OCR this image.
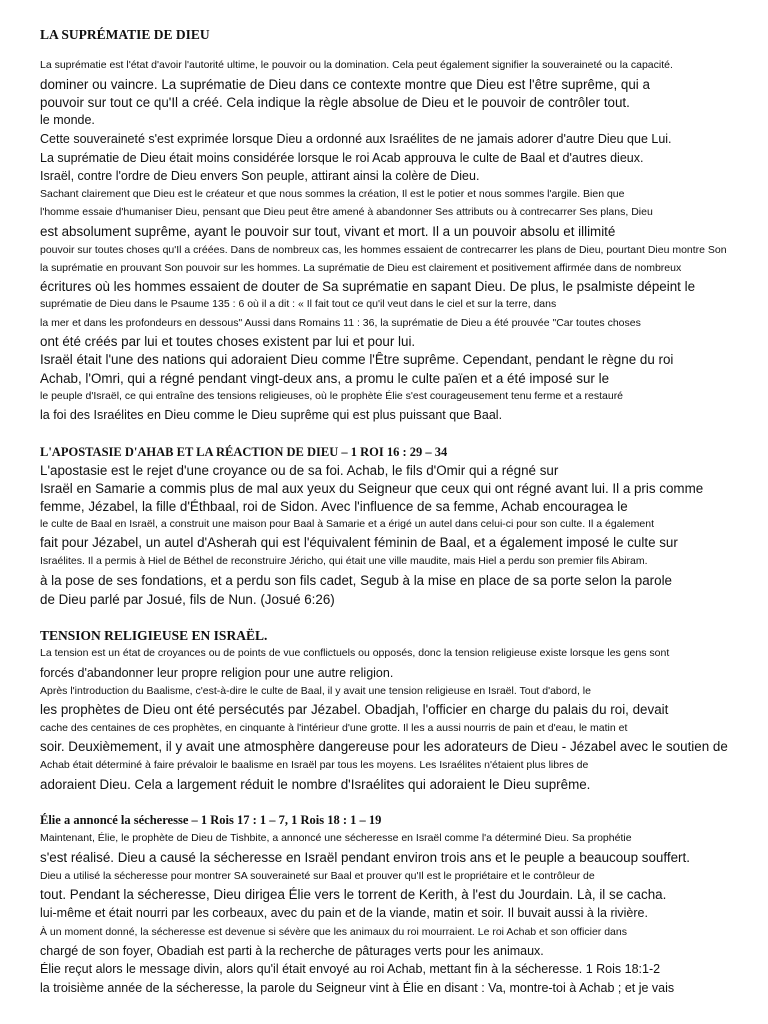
LA SUPRÉMATIE DE DIEU
La suprématie est l'état d'avoir l'autorité ultime, le pouvoir ou la domination. Cela peut également signifier la souveraineté ou la capacité.
dominer ou vaincre. La suprématie de Dieu dans ce contexte montre que Dieu est l'être suprême, qui a
pouvoir sur tout ce qu'Il a créé. Cela indique la règle absolue de Dieu et le pouvoir de contrôler tout.
le monde.
Cette souveraineté s'est exprimée lorsque Dieu a ordonné aux Israélites de ne jamais adorer d'autre Dieu que Lui.
La suprématie de Dieu était moins considérée lorsque le roi Acab approuva le culte de Baal et d'autres dieux.
Israël, contre l'ordre de Dieu envers Son peuple, attirant ainsi la colère de Dieu.
Sachant clairement que Dieu est le créateur et que nous sommes la création, Il est le potier et nous sommes l'argile. Bien que
l'homme essaie d'humaniser Dieu, pensant que Dieu peut être amené à abandonner Ses attributs ou à contrecarrer Ses plans, Dieu
est absolument suprême, ayant le pouvoir sur tout, vivant et mort. Il a un pouvoir absolu et illimité
pouvoir sur toutes choses qu'Il a créées. Dans de nombreux cas, les hommes essaient de contrecarrer les plans de Dieu, pourtant Dieu montre Son
la suprématie en prouvant Son pouvoir sur les hommes. La suprématie de Dieu est clairement et positivement affirmée dans de nombreux
écritures où les hommes essaient de douter de Sa suprématie en sapant Dieu. De plus, le psalmiste dépeint le
suprématie de Dieu dans le Psaume 135 : 6 où il a dit : « Il fait tout ce qu'il veut dans le ciel et sur la terre, dans
la mer et dans les profondeurs en dessous" Aussi dans Romains 11 : 36, la suprématie de Dieu a été prouvée "Car toutes choses
ont été créés par lui et toutes choses existent par lui et pour lui.
Israël était l'une des nations qui adoraient Dieu comme l'Être suprême. Cependant, pendant le règne du roi
Achab, l'Omri, qui a régné pendant vingt-deux ans, a promu le culte païen et a été imposé sur le
le peuple d'Israël, ce qui entraîne des tensions religieuses, où le prophète Élie s'est courageusement tenu ferme et a restauré
la foi des Israélites en Dieu comme le Dieu suprême qui est plus puissant que Baal.
L'APOSTASIE D'AHAB ET LA RÉACTION DE DIEU – 1 ROI 16 : 29 – 34
L'apostasie est le rejet d'une croyance ou de sa foi. Achab, le fils d'Omir qui a régné sur
Israël en Samarie a commis plus de mal aux yeux du Seigneur que ceux qui ont régné avant lui. Il a pris comme
femme, Jézabel, la fille d'Éthbaal, roi de Sidon. Avec l'influence de sa femme, Achab encouragea le
le culte de Baal en Israël, a construit une maison pour Baal à Samarie et a érigé un autel dans celui-ci pour son culte. Il a également
fait pour Jézabel, un autel d'Asherah qui est l'équivalent féminin de Baal, et a également imposé le culte sur
Israélites. Il a permis à Hiel de Béthel de reconstruire Jéricho, qui était une ville maudite, mais Hiel a perdu son premier fils Abiram.
à la pose de ses fondations, et a perdu son fils cadet, Segub à la mise en place de sa porte selon la parole
de Dieu parlé par Josué, fils de Nun. (Josué 6:26)
TENSION RELIGIEUSE EN ISRAËL.
La tension est un état de croyances ou de points de vue conflictuels ou opposés, donc la tension religieuse existe lorsque les gens sont
forcés d'abandonner leur propre religion pour une autre religion.
Après l'introduction du Baalisme, c'est-à-dire le culte de Baal, il y avait une tension religieuse en Israël. Tout d'abord, le
les prophètes de Dieu ont été persécutés par Jézabel. Obadjah, l'officier en charge du palais du roi, devait
cache des centaines de ces prophètes, en cinquante à l'intérieur d'une grotte. Il les a aussi nourris de pain et d'eau, le matin et
soir. Deuxièmement, il y avait une atmosphère dangereuse pour les adorateurs de Dieu - Jézabel avec le soutien de
Achab était déterminé à faire prévaloir le baalisme en Israël par tous les moyens. Les Israélites n'étaient plus libres de
adoraient Dieu. Cela a largement réduit le nombre d'Israélites qui adoraient le Dieu suprême.
Élie a annoncé la sécheresse – 1 Rois 17 : 1 – 7, 1 Rois 18 : 1 – 19
Maintenant, Élie, le prophète de Dieu de Tishbite, a annoncé une sécheresse en Israël comme l'a déterminé Dieu. Sa prophétie
s'est réalisé. Dieu a causé la sécheresse en Israël pendant environ trois ans et le peuple a beaucoup souffert.
Dieu a utilisé la sécheresse pour montrer SA souveraineté sur Baal et prouver qu'Il est le propriétaire et le contrôleur de
tout. Pendant la sécheresse, Dieu dirigea Élie vers le torrent de Kerith, à l'est du Jourdain. Là, il se cacha.
lui-même et était nourri par les corbeaux, avec du pain et de la viande, matin et soir. Il buvait aussi à la rivière.
À un moment donné, la sécheresse est devenue si sévère que les animaux du roi mourraient. Le roi Achab et son officier dans
chargé de son foyer, Obadiah est parti à la recherche de pâturages verts pour les animaux.
Élie reçut alors le message divin, alors qu'il était envoyé au roi Achab, mettant fin à la sécheresse. 1 Rois 18:1-2
la troisième année de la sécheresse, la parole du Seigneur vint à Élie en disant : Va, montre-toi à Achab ; et je vais
